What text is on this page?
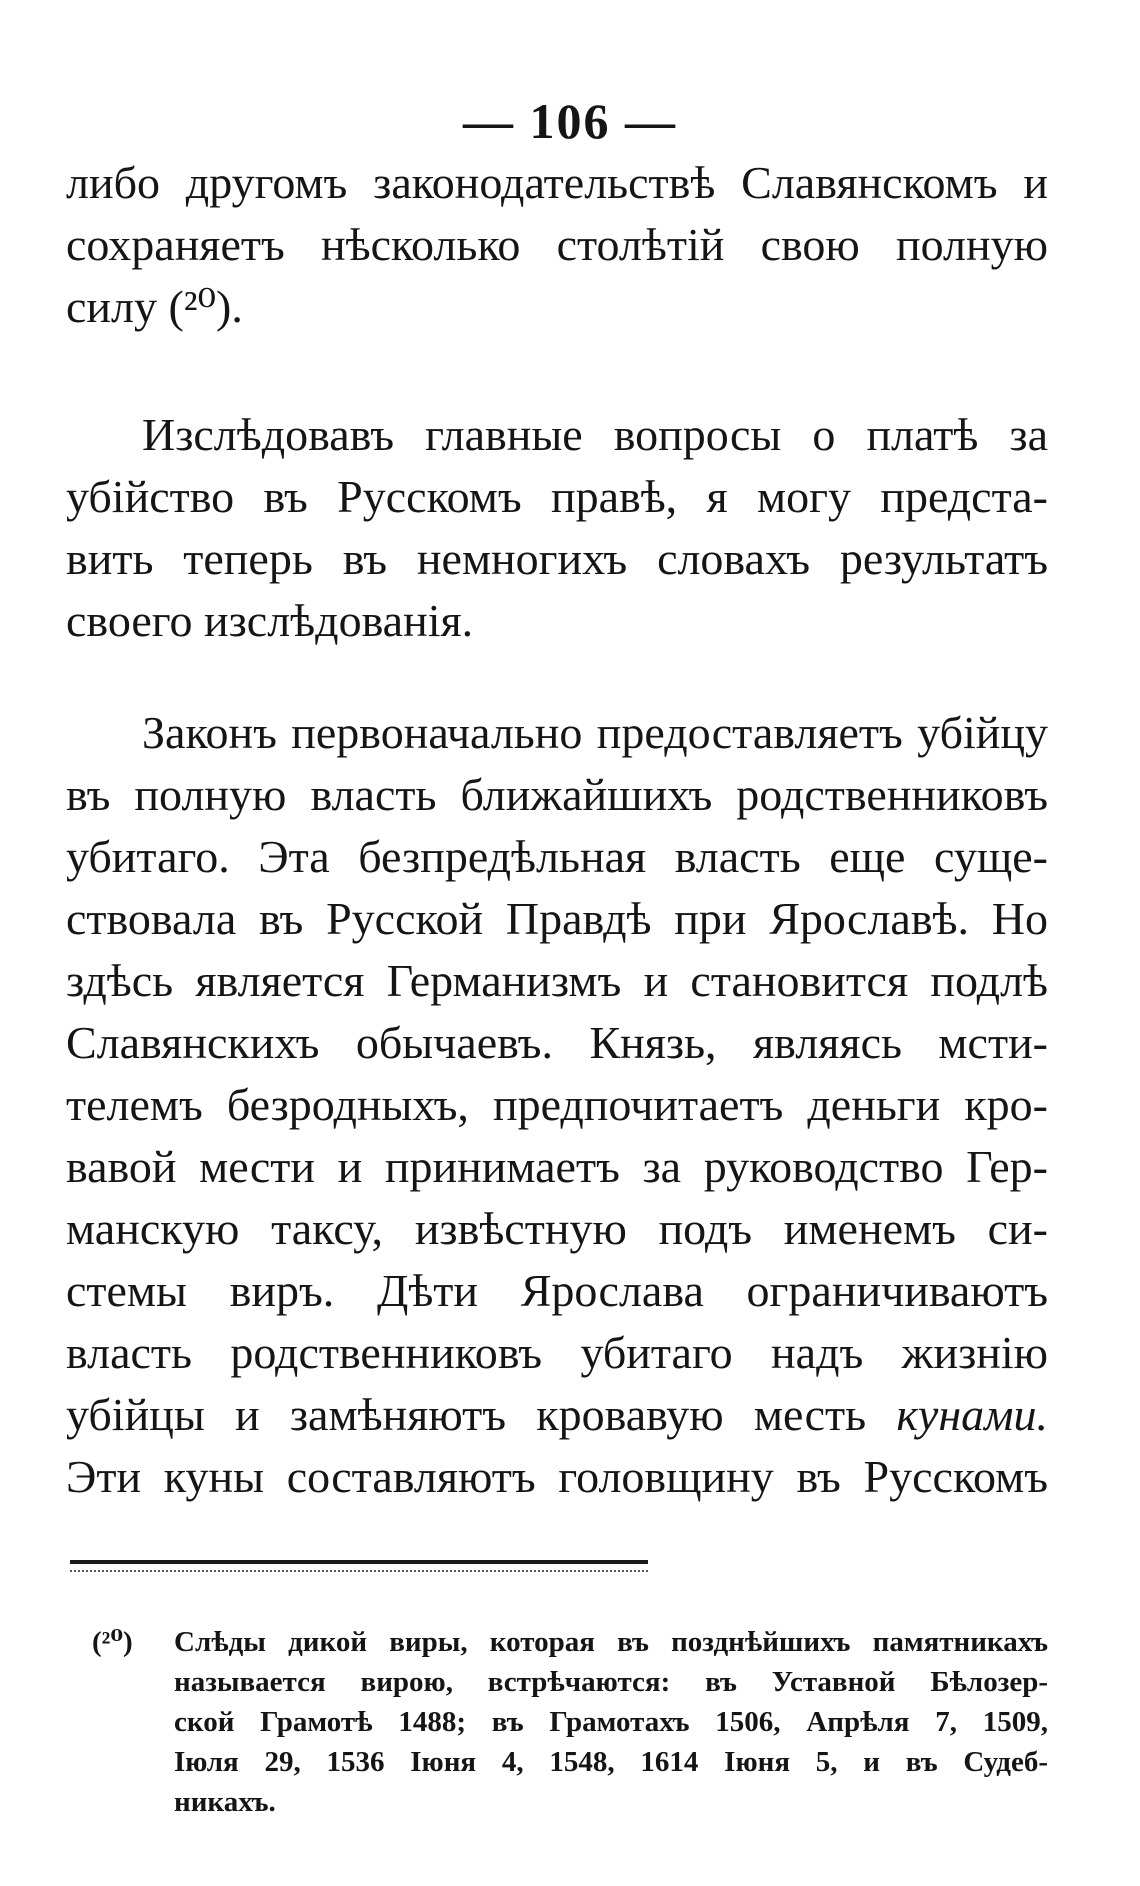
— 106 —
либо другомъ законодательствѣ Славянскомъ и
сохраняетъ нѣсколько столѣтій свою полную
силу (²⁰).
Изслѣдовавъ главные вопросы о платѣ за
убійство въ Русскомъ правѣ, я могу предста-
вить теперь въ немногихъ словахъ результатъ
своего изслѣдованія.
Законъ первоначально предоставляетъ убійцу
въ полную власть ближайшихъ родственниковъ
убитаго. Эта безпредѣльная власть еще суще-
ствовала въ Русской Правдѣ при Ярославѣ. Но
здѣсь является Германизмъ и становится подлѣ
Славянскихъ обычаевъ. Князь, являясь мсти-
телемъ безродныхъ, предпочитаетъ деньги кро-
вавой мести и принимаетъ за руководство Гер-
манскую таксу, извѣстную подъ именемъ си-
стемы виръ. Дѣти Ярослава ограничиваютъ
власть родственниковъ убитаго надъ жизнію
убійцы и замѣняютъ кровавую месть кунами.
Эти куны составляютъ головщину въ Русскомъ
(²⁰) Слѣды дикой виры, которая въ позднѣйшихъ памятникахъ
называется вирою, встрѣчаются: въ Уставной Бѣлозер-
ской Грамотѣ 1488; въ Грамотахъ 1506, Апрѣля 7, 1509,
Іюля 29, 1536 Іюня 4, 1548, 1614 Іюня 5, и въ Судеб-
никахъ.
